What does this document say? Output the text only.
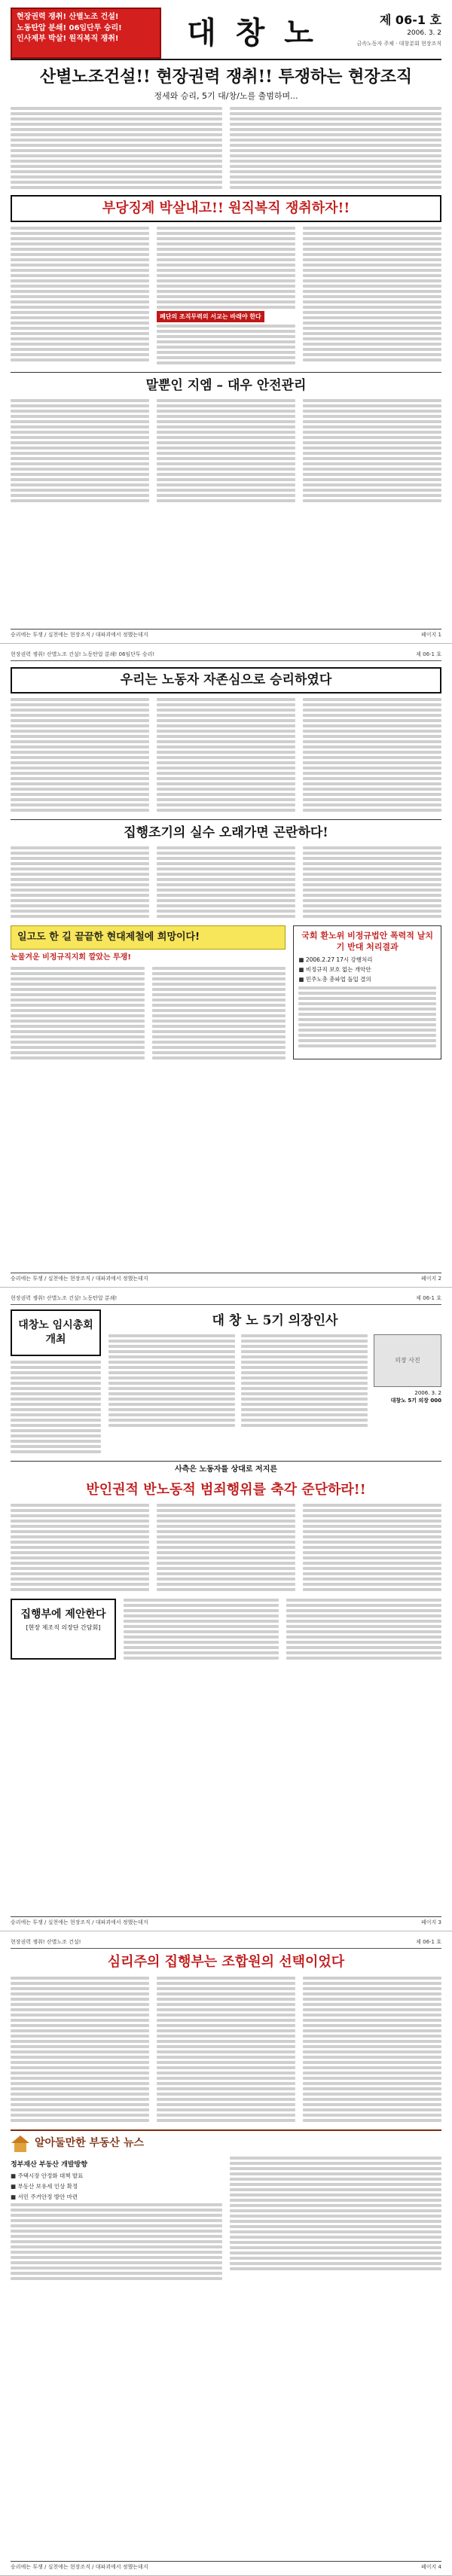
현장권력 쟁취! 산별노조 건설!
노동탄압 분쇄! 06임단투 승리!
인사제부 박살! 원직복직 쟁취!	대 창 노	제 06-1 호
2006. 3. 2
금속노동자 주체 · 대창분회 현장조직
산별노조건설!! 현장권력 쟁취!! 투쟁하는 현장조직
정세와 승리, 5기 대/창/노를 출범하며...
부당징계 박살내고!! 원직복직 쟁취하자!!
폐단의 조직무력의 서교는 바래야 한다
말뿐인 지엠 – 대우 안전관리
승리에는 투쟁 / 실천에는 현장조직 / 대파괴에서 정했는데지	페이지 1
현장권력 쟁취! 산별노조 건설! 노동탄압 분쇄! 06임단투 승리!	제 06-1 호
우리는 노동자 자존심으로 승리하였다
집행조기의 실수 오래가면 곤란하다!
일고도 한 길 끝끝한 현대제철에 희망이다!
눈물겨운 비정규직지회 깔았는 투쟁!
국회 환노위 비정규법안 폭력적 날치기 반대 처리결과
■ 2006.2.27 17시 강행처리
■ 비정규직 보호 없는 개악안
■ 민주노총 총파업 돌입 결의
승리에는 투쟁 / 실천에는 현장조직 / 대파괴에서 정했는데지	페이지 2
현장권력 쟁취! 산별노조 건설! 노동탄압 분쇄!	제 06-1 호
대창노 임시총회 개최
대 창 노 5기 의장인사
의장 사진
2006. 3. 2
대창노 5기 의장 000
사측은 노동자를 상대로 저지른
반인권적 반노동적 범죄행위를 축각 준단하라!!
집행부에 제안한다
[현장 제조직 의장단 간담회]
승리에는 투쟁 / 실천에는 현장조직 / 대파괴에서 정했는데지	페이지 3
현장권력 쟁취! 산별노조 건설!	제 06-1 호
심리주의 집행부는 조합원의 선택이었다
알아둘만한 부동산 뉴스
정부재산 부동산 개발방향
■ 주택시장 안정화 대책 발표
■ 부동산 보유세 인상 확정
■ 서민 주거안정 방안 마련
승리에는 투쟁 / 실천에는 현장조직 / 대파괴에서 정했는데지	페이지 4
